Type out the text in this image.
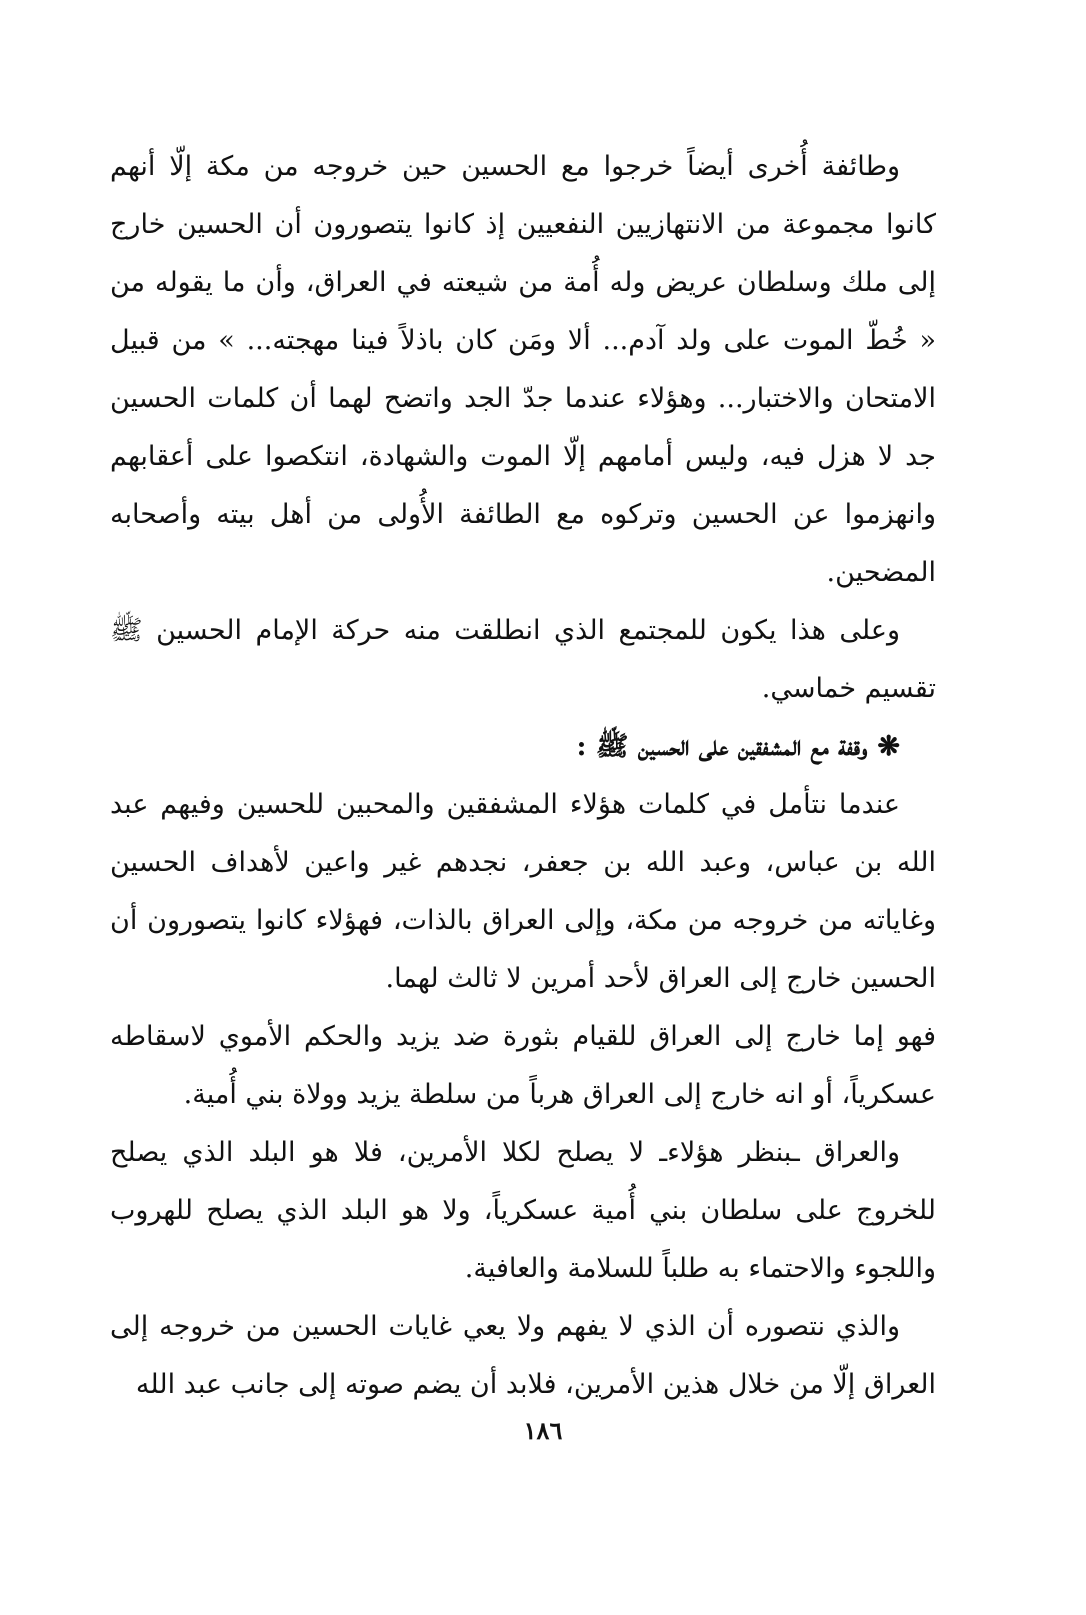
وطائفة أُخرى أيضاً خرجوا مع الحسين حين خروجه من مكة إلّا أنهم كانوا مجموعة من الانتهازيين النفعيين إذ كانوا يتصورون أن الحسين خارج إلى ملك وسلطان عريض وله أُمة من شيعته في العراق، وأن ما يقوله من « خُطّ الموت على ولد آدم... ألا ومَن كان باذلاً فينا مهجته... » من قبيل الامتحان والاختبار... وهؤلاء عندما جدّ الجد واتضح لهما أن كلمات الحسين جد لا هزل فيه، وليس أمامهم إلّا الموت والشهادة، انتكصوا على أعقابهم وانهزموا عن الحسين وتركوه مع الطائفة الأُولى من أهل بيته وأصحابه المضحين.

وعلى هذا يكون للمجتمع الذي انطلقت منه حركة الإمام الحسين ﷺ تقسيم خماسي.

❋وقفة مع المشفقين على الحسين ﷺ :

عندما نتأمل في كلمات هؤلاء المشفقين والمحبين للحسين وفيهم عبد الله بن عباس، وعبد الله بن جعفر، نجدهم غير واعين لأهداف الحسين وغاياته من خروجه من مكة، وإلى العراق بالذات، فهؤلاء كانوا يتصورون أن الحسين خارج إلى العراق لأحد أمرين لا ثالث لهما.

فهو إما خارج إلى العراق للقيام بثورة ضد يزيد والحكم الأموي لاسقاطه عسكرياً، أو انه خارج إلى العراق هرباً من سلطة يزيد وولاة بني أُمية.

والعراق ـبنظر هؤلاءـ لا يصلح لكلا الأمرين، فلا هو البلد الذي يصلح للخروج على سلطان بني أُمية عسكرياً، ولا هو البلد الذي يصلح للهروب واللجوء والاحتماء به طلباً للسلامة والعافية.

والذي نتصوره أن الذي لا يفهم ولا يعي غايات الحسين من خروجه إلى العراق إلّا من خلال هذين الأمرين، فلابد أن يضم صوته إلى جانب عبد الله

١٨٦
